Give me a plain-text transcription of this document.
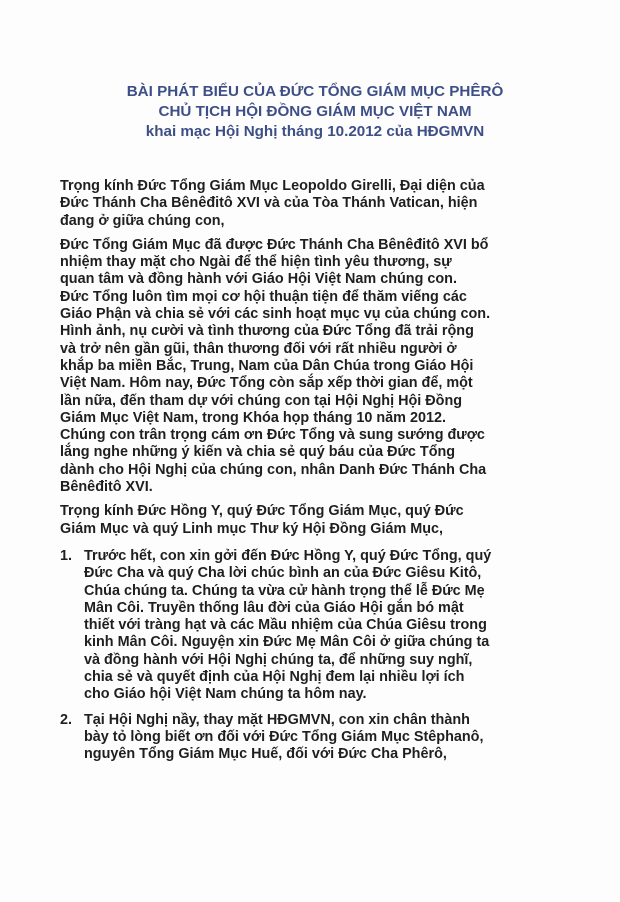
BÀI PHÁT BIỂU CỦA ĐỨC TỔNG GIÁM MỤC PHÊRÔ
CHỦ TỊCH HỘI ĐỒNG GIÁM MỤC VIỆT NAM
khai mạc Hội Nghị tháng 10.2012 của HĐGMVN
Trọng kính Đức Tổng Giám Mục Leopoldo Girelli, Đại diện của
Đức Thánh Cha Bênêđitô XVI và của Tòa Thánh Vatican, hiện
đang ở giữa chúng con,
Đức Tổng Giám Mục đã được Đức Thánh Cha Bênêđitô XVI bổ
nhiệm thay mặt cho Ngài để thể hiện tình yêu thương, sự
quan tâm và đồng hành với Giáo Hội Việt Nam chúng con.
Đức Tổng luôn tìm mọi cơ hội thuận tiện để thăm viếng các
Giáo Phận và chia sẻ với các sinh hoạt mục vụ của chúng con.
Hình ảnh, nụ cười và tình thương của Đức Tổng đã trải rộng
và trở nên gần gũi, thân thương đối với rất nhiều người ở
khắp ba miền Bắc, Trung, Nam của Dân Chúa trong Giáo Hội
Việt Nam. Hôm nay, Đức Tổng còn sắp xếp thời gian để, một
lần nữa, đến tham dự với chúng con tại Hội Nghị Hội Đồng
Giám Mục Việt Nam, trong Khóa họp tháng 10 năm 2012.
Chúng con trân trọng cám ơn Đức Tổng và sung sướng được
lắng nghe những ý kiến và chia sẻ quý báu của Đức Tổng
dành cho Hội Nghị của chúng con, nhân Danh Đức Thánh Cha
Bênêđitô XVI.
Trọng kính Đức Hồng Y, quý Đức Tổng Giám Mục, quý Đức
Giám Mục và quý Linh mục Thư ký Hội Đồng Giám Mục,
1. Trước hết, con xin gởi đến Đức Hồng Y, quý Đức Tổng, quý
Đức Cha và quý Cha lời chúc bình an của Đức Giêsu Kitô,
Chúa chúng ta. Chúng ta vừa cử hành trọng thể lễ Đức Mẹ
Mân Côi. Truyền thống lâu đời của Giáo Hội gắn bó mật
thiết với tràng hạt và các Mầu nhiệm của Chúa Giêsu trong
kinh Mân Côi. Nguyện xin Đức Mẹ Mân Côi ở giữa chúng ta
và đồng hành với Hội Nghị chúng ta, để những suy nghĩ,
chia sẻ và quyết định của Hội Nghị đem lại nhiều lợi ích
cho Giáo hội Việt Nam chúng ta hôm nay.
2. Tại Hội Nghị nầy, thay mặt HĐGMVN, con xin chân thành
bày tỏ lòng biết ơn đối với Đức Tổng Giám Mục Stêphanô,
nguyên Tổng Giám Mục Huế, đối với Đức Cha Phêrô,
